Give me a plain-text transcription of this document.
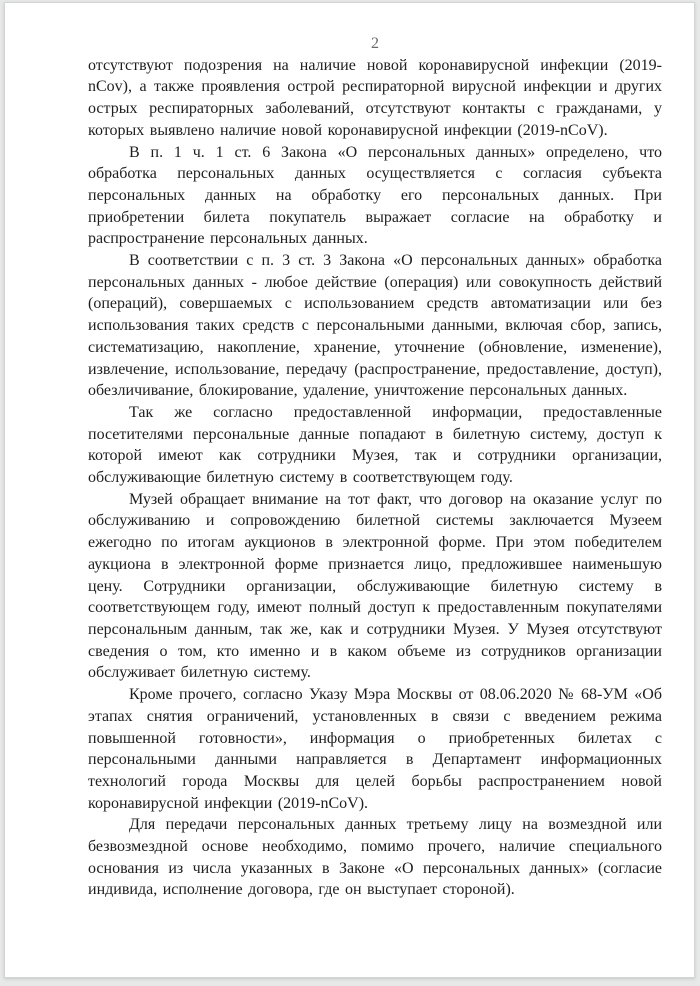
2

отсутствуют подозрения на наличие новой коронавирусной инфекции (2019-nCov), а также проявления острой респираторной вирусной инфекции и других острых респираторных заболеваний, отсутствуют контакты с гражданами, у которых выявлено наличие новой коронавирусной инфекции (2019-nCoV).

В п. 1 ч. 1 ст. 6 Закона «О персональных данных» определено, что обработка персональных данных осуществляется с согласия субъекта персональных данных на обработку его персональных данных. При приобретении билета покупатель выражает согласие на обработку и распространение персональных данных.

В соответствии с п. 3 ст. 3 Закона «О персональных данных» обработка персональных данных - любое действие (операция) или совокупность действий (операций), совершаемых с использованием средств автоматизации или без использования таких средств с персональными данными, включая сбор, запись, систематизацию, накопление, хранение, уточнение (обновление, изменение), извлечение, использование, передачу (распространение, предоставление, доступ), обезличивание, блокирование, удаление, уничтожение персональных данных.

Так же согласно предоставленной информации, предоставленные посетителями персональные данные попадают в билетную систему, доступ к которой имеют как сотрудники Музея, так и сотрудники организации, обслуживающие билетную систему в соответствующем году.

Музей обращает внимание на тот факт, что договор на оказание услуг по обслуживанию и сопровождению билетной системы заключается Музеем ежегодно по итогам аукционов в электронной форме. При этом победителем аукциона в электронной форме признается лицо, предложившее наименьшую цену. Сотрудники организации, обслуживающие билетную систему в соответствующем году, имеют полный доступ к предоставленным покупателями персональным данным, так же, как и сотрудники Музея. У Музея отсутствуют сведения о том, кто именно и в каком объеме из сотрудников организации обслуживает билетную систему.

Кроме прочего, согласно Указу Мэра Москвы от 08.06.2020 № 68-УМ «Об этапах снятия ограничений, установленных в связи с введением режима повышенной готовности», информация о приобретенных билетах с персональными данными направляется в Департамент информационных технологий города Москвы для целей борьбы распространением новой коронавирусной инфекции (2019-nCoV).

Для передачи персональных данных третьему лицу на возмездной или безвозмездной основе необходимо, помимо прочего, наличие специального основания из числа указанных в Законе «О персональных данных» (согласие индивида, исполнение договора, где он выступает стороной).
